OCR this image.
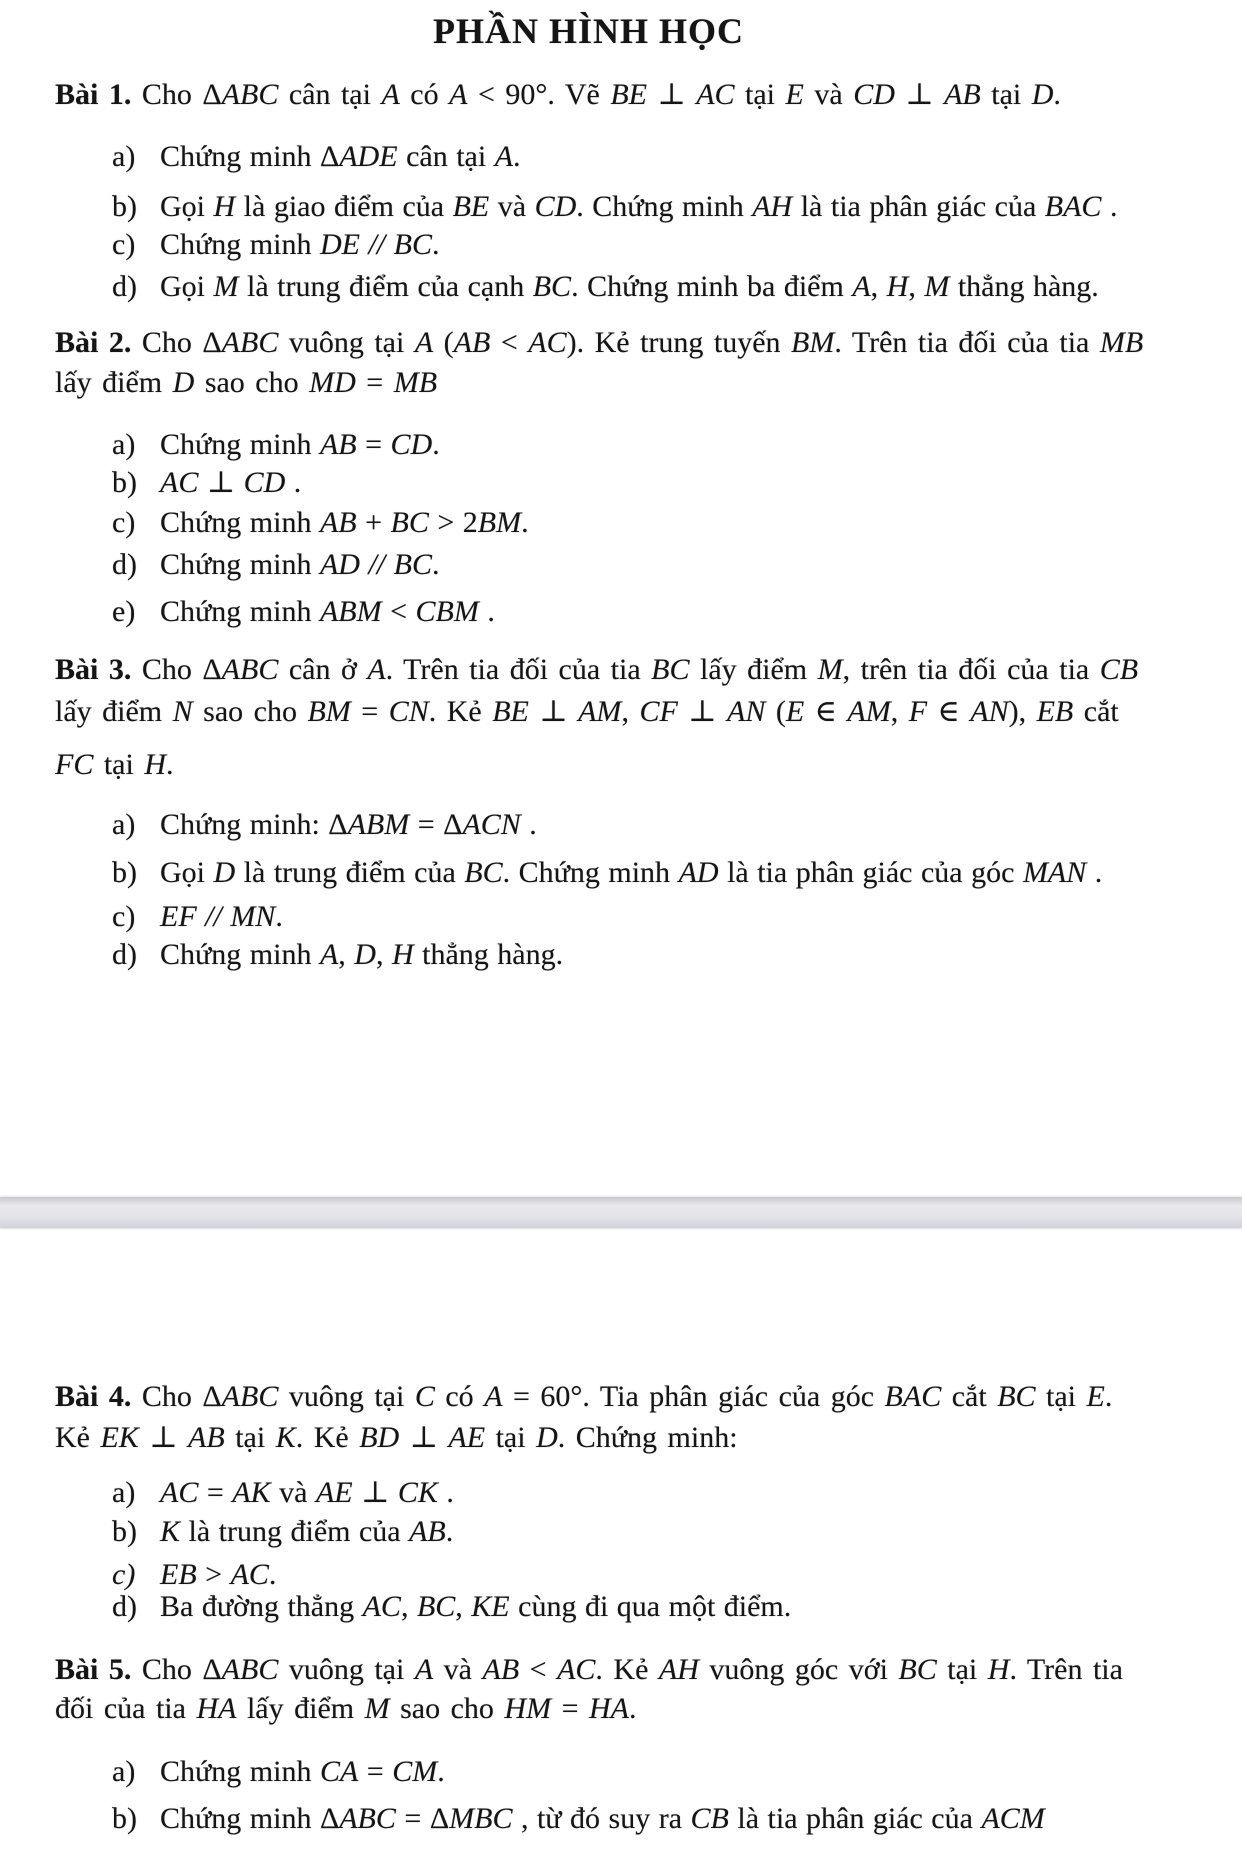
PHẦN HÌNH HỌC
Bài 1. Cho ΔABC cân tại A có A < 90°. Vẽ BE ⊥ AC tại E và CD ⊥ AB tại D.
a) Chứng minh ΔADE cân tại A.
b) Gọi H là giao điểm của BE và CD. Chứng minh AH là tia phân giác của BAC .
c) Chứng minh DE // BC.
d) Gọi M là trung điểm của cạnh BC. Chứng minh ba điểm A, H, M thẳng hàng.
Bài 2. Cho ΔABC vuông tại A (AB < AC). Kẻ trung tuyến BM. Trên tia đối của tia MB
lấy điểm D sao cho MD = MB
a) Chứng minh AB = CD.
b) AC ⊥ CD .
c) Chứng minh AB + BC > 2BM.
d) Chứng minh AD // BC.
e) Chứng minh ABM < CBM .
Bài 3. Cho ΔABC cân ở A. Trên tia đối của tia BC lấy điểm M, trên tia đối của tia CB
lấy điểm N sao cho BM = CN. Kẻ BE ⊥ AM, CF ⊥ AN (E ∈ AM, F ∈ AN), EB cắt
FC tại H.
a) Chứng minh: ΔABM = ΔACN .
b) Gọi D là trung điểm của BC. Chứng minh AD là tia phân giác của góc MAN .
c) EF // MN.
d) Chứng minh A, D, H thẳng hàng.
Bài 4. Cho ΔABC vuông tại C có A = 60°. Tia phân giác của góc BAC cắt BC tại E.
Kẻ EK ⊥ AB tại K. Kẻ BD ⊥ AE tại D. Chứng minh:
a) AC = AK và AE ⊥ CK .
b) K là trung điểm của AB.
c) EB > AC.
d) Ba đường thẳng AC, BC, KE cùng đi qua một điểm.
Bài 5. Cho ΔABC vuông tại A và AB < AC. Kẻ AH vuông góc với BC tại H. Trên tia
đối của tia HA lấy điểm M sao cho HM = HA.
a) Chứng minh CA = CM.
b) Chứng minh ΔABC = ΔMBC , từ đó suy ra CB là tia phân giác của ACM
